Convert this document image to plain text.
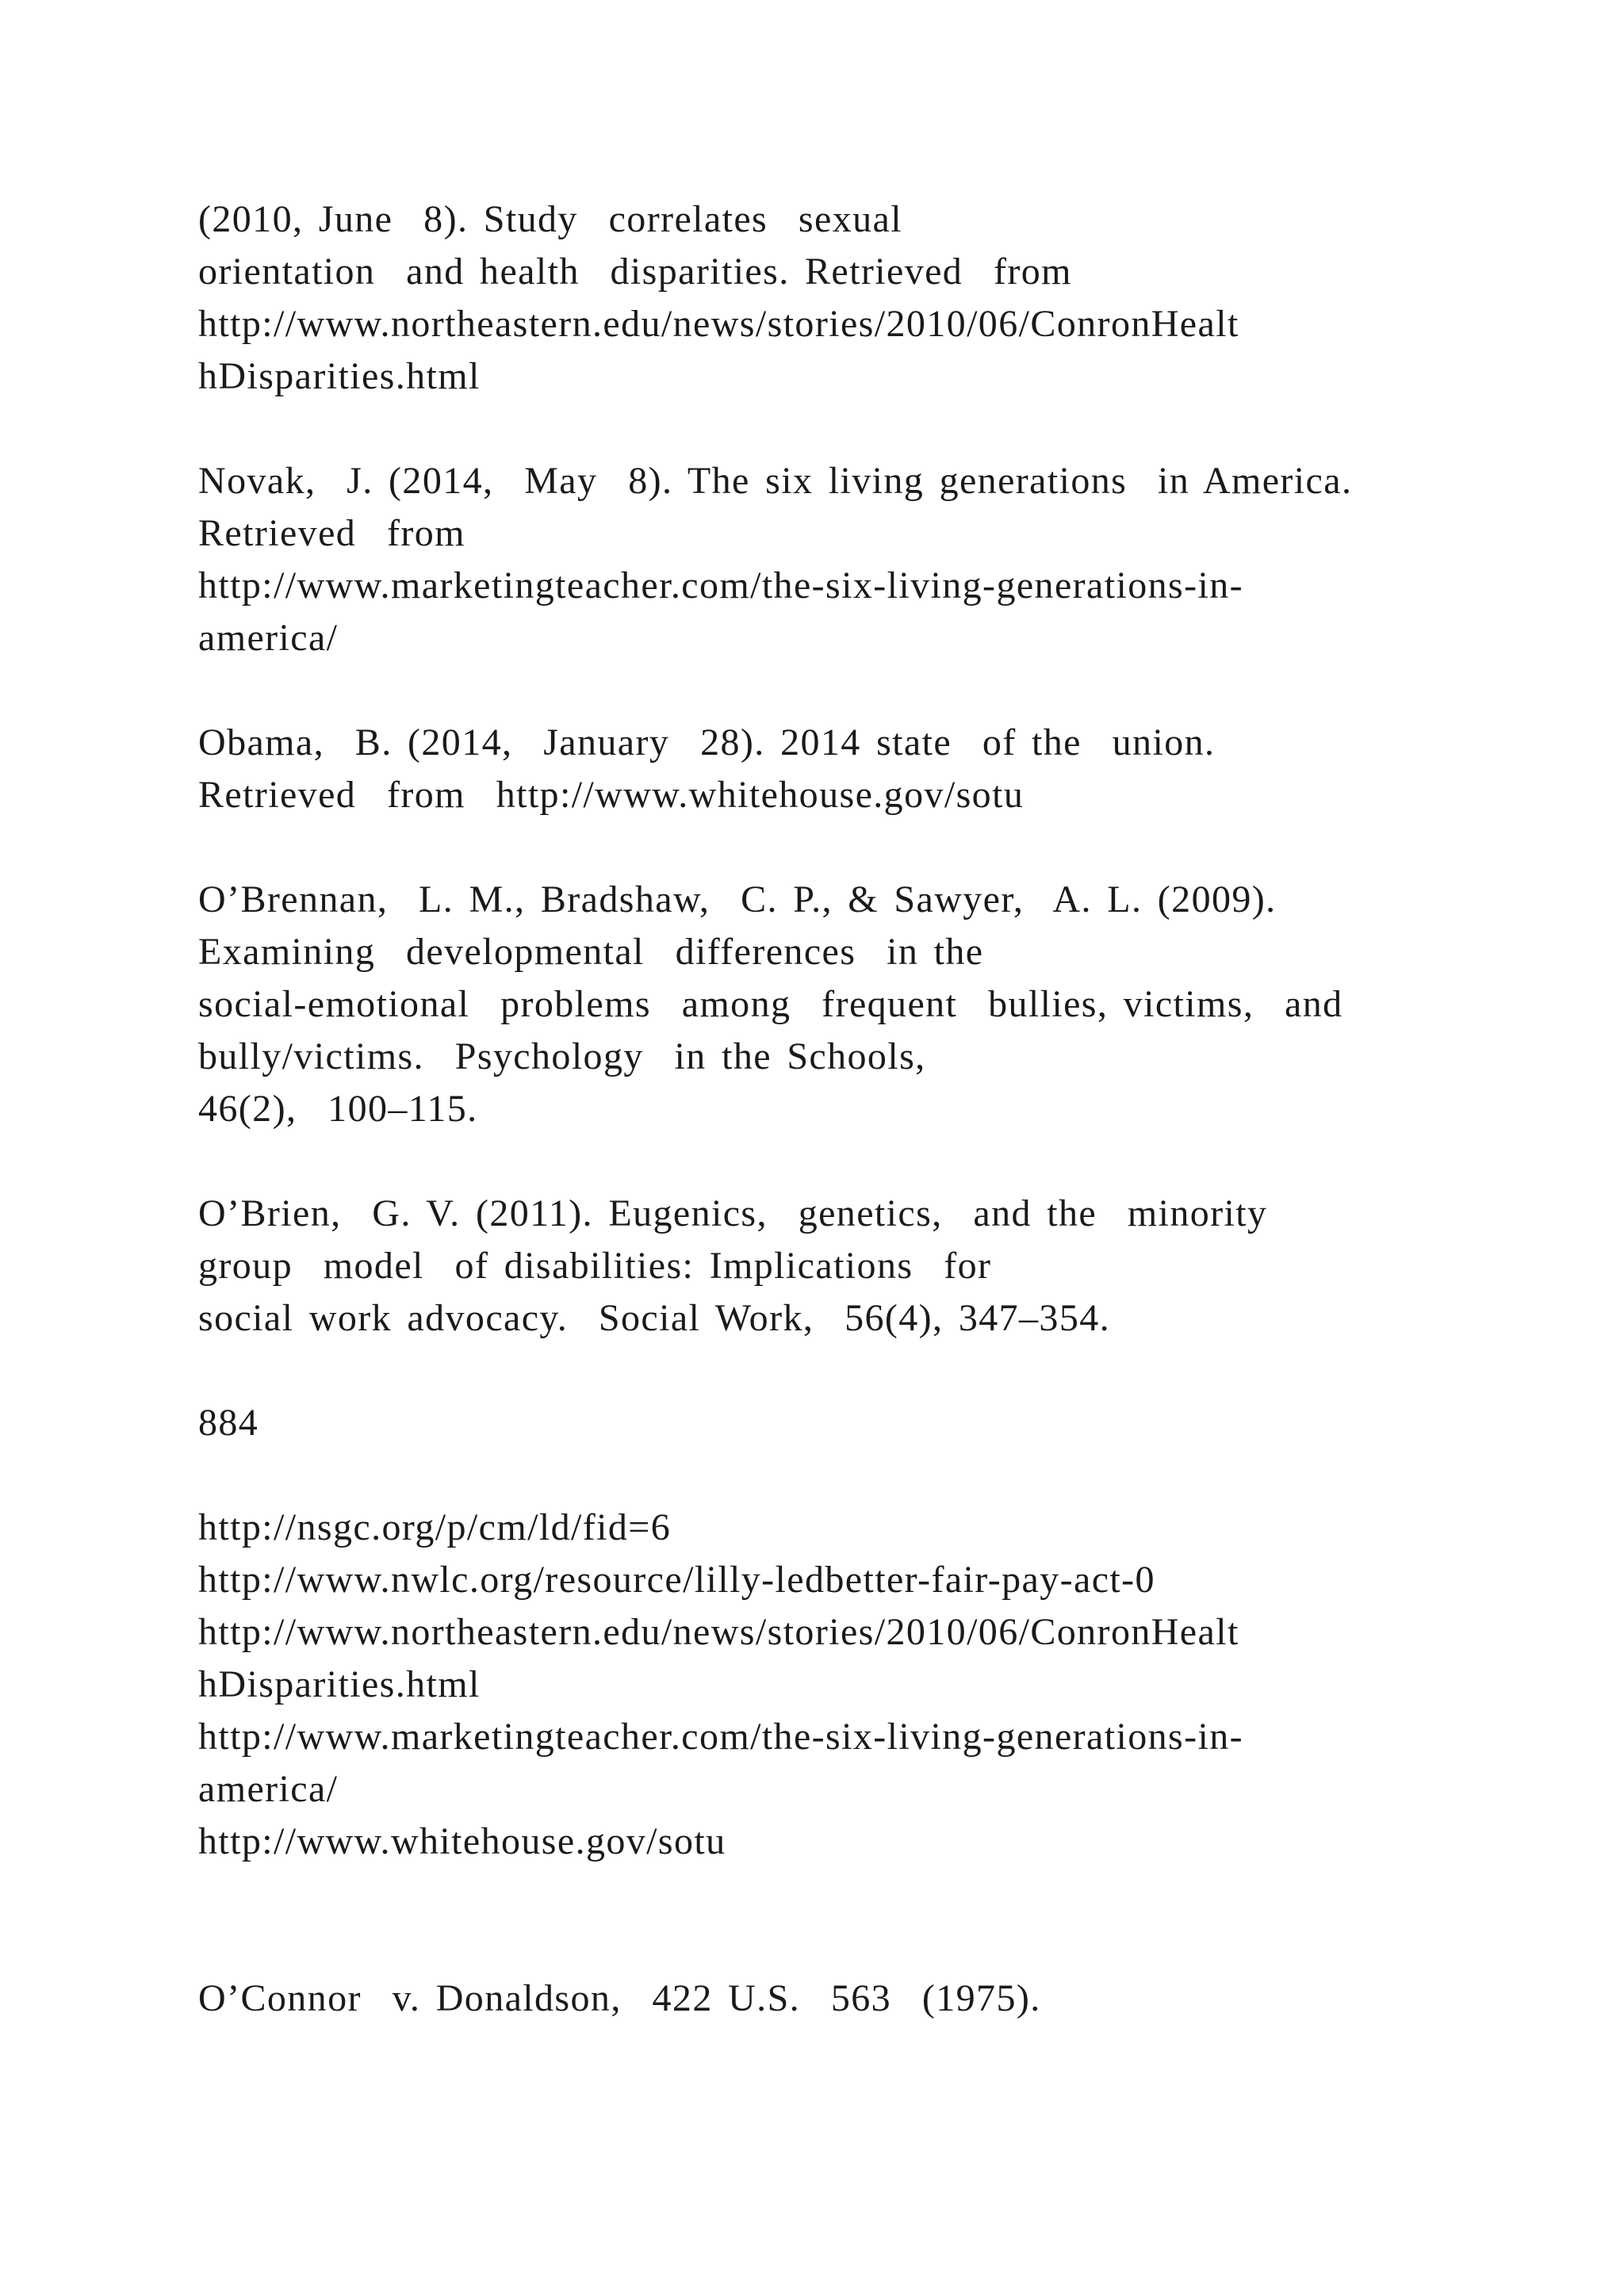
(2010, June  8). Study  correlates  sexual
orientation  and health  disparities. Retrieved  from
http://www.northeastern.edu/news/stories/2010/06/ConronHealt
hDisparities.html
Novak,  J. (2014,  May  8). The six living generations  in America.
Retrieved  from
http://www.marketingteacher.com/the-six-living-generations-in-
america/
Obama,  B. (2014,  January  28). 2014 state  of the  union.
Retrieved  from  http://www.whitehouse.gov/sotu
O’Brennan,  L. M., Bradshaw,  C. P., & Sawyer,  A. L. (2009).
Examining  developmental  differences  in the
social-emotional  problems  among  frequent  bullies, victims,  and
bully/victims.  Psychology  in the Schools,
46(2),  100–115.
O’Brien,  G. V. (2011). Eugenics,  genetics,  and the  minority
group  model  of disabilities: Implications  for
social work advocacy.  Social Work,  56(4), 347–354.
884
http://nsgc.org/p/cm/ld/fid=6
http://www.nwlc.org/resource/lilly-ledbetter-fair-pay-act-0
http://www.northeastern.edu/news/stories/2010/06/ConronHealt
hDisparities.html
http://www.marketingteacher.com/the-six-living-generations-in-
america/
http://www.whitehouse.gov/sotu
O’Connor  v. Donaldson,  422 U.S.  563  (1975).
